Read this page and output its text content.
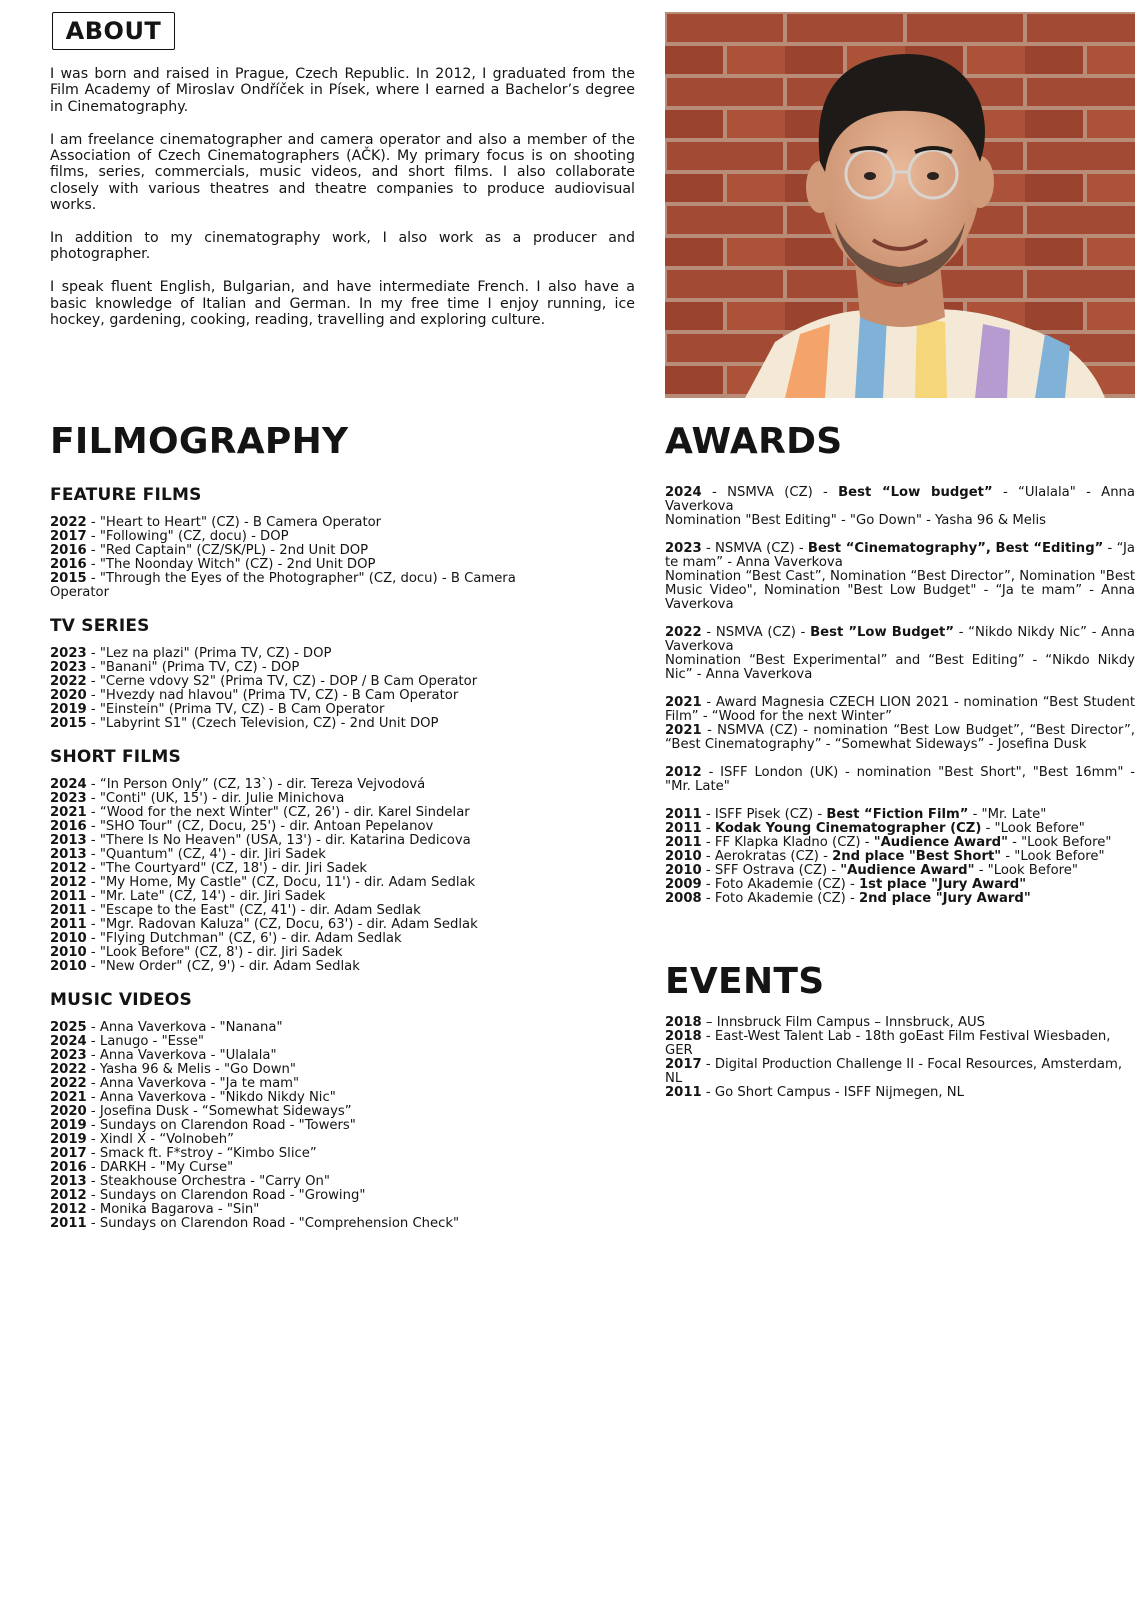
ABOUT

I was born and raised in Prague, Czech Republic. In 2012, I graduated from the Film Academy of Miroslav Ondříček in Písek, where I earned a Bachelor’s degree in Cinematography.

I am freelance cinematographer and camera operator and also a member of the Association of Czech Cinematographers (AČK). My primary focus is on shooting films, series, commercials, music videos, and short films. I also collaborate closely with various theatres and theatre companies to produce audiovisual works.

In addition to my cinematography work, I also work as a producer and photographer.

I speak fluent English, Bulgarian, and have intermediate French. I also have a basic knowledge of Italian and German. In my free time I enjoy running, ice hockey, gardening, cooking, reading, travelling and exploring culture.

FILMOGRAPHY
FEATURE FILMS
2022 - "Heart to Heart" (CZ) - B Camera Operator
2017 - "Following" (CZ, docu) - DOP
2016 - "Red Captain" (CZ/SK/PL) - 2nd Unit DOP
2016 - "The Noonday Witch" (CZ) - 2nd Unit DOP
2015 - "Through the Eyes of the Photographer" (CZ, docu) - B Camera Operator
TV SERIES
2023 - "Lez na plazi" (Prima TV, CZ) - DOP
2023 - "Banani" (Prima TV, CZ) - DOP
2022 - "Cerne vdovy S2" (Prima TV, CZ) - DOP / B Cam Operator
2020 - "Hvezdy nad hlavou" (Prima TV, CZ) - B Cam Operator
2019 - "Einstein" (Prima TV, CZ) - B Cam Operator
2015 - "Labyrint S1" (Czech Television, CZ) - 2nd Unit DOP
SHORT FILMS
2024 - “In Person Only” (CZ, 13`) - dir. Tereza Vejvodová
2023 - "Conti" (UK, 15') - dir. Julie Minichova
2021 - “Wood for the next Winter" (CZ, 26') - dir. Karel Sindelar
2016 - "SHO Tour" (CZ, Docu, 25') - dir. Antoan Pepelanov
2013 - "There Is No Heaven" (USA, 13') - dir. Katarina Dedicova
2013 - "Quantum" (CZ, 4') - dir. Jiri Sadek
2012 - "The Courtyard" (CZ, 18') - dir. Jiri Sadek
2012 - "My Home, My Castle" (CZ, Docu, 11') - dir. Adam Sedlak
2011 - "Mr. Late" (CZ, 14') - dir. Jiri Sadek
2011 - "Escape to the East" (CZ, 41') - dir. Adam Sedlak
2011 - "Mgr. Radovan Kaluza" (CZ, Docu, 63') - dir. Adam Sedlak
2010 - "Flying Dutchman" (CZ, 6') - dir. Adam Sedlak
2010 - "Look Before" (CZ, 8') - dir. Jiri Sadek
2010 - "New Order" (CZ, 9') - dir. Adam Sedlak
MUSIC VIDEOS
2025 - Anna Vaverkova - "Nanana"
2024 - Lanugo - "Esse"
2023 - Anna Vaverkova - "Ulalala"
2022 - Yasha 96 & Melis - "Go Down"
2022 - Anna Vaverkova - "Ja te mam"
2021 - Anna Vaverkova - "Nikdo Nikdy Nic"
2020 - Josefina Dusk - “Somewhat Sideways”
2019 - Sundays on Clarendon Road - "Towers"
2019 - Xindl X - “Volnobeh”
2017 - Smack ft. F*stroy - “Kimbo Slice”
2016 - DARKH - "My Curse"
2013 - Steakhouse Orchestra - "Carry On"
2012 - Sundays on Clarendon Road - "Growing"
2012 - Monika Bagarova - "Sin"
2011 - Sundays on Clarendon Road - "Comprehension Check"
AWARDS
2024 - NSMVA (CZ) - Best “Low budget” - “Ulalala" - Anna Vaverkova
Nomination "Best Editing" - "Go Down" - Yasha 96 & Melis
2023 - NSMVA (CZ) - Best “Cinematography”, Best “Editing” - “Ja te mam” - Anna Vaverkova
Nomination “Best Cast”, Nomination “Best Director”, Nomination "Best Music Video", Nomination "Best Low Budget" - “Ja te mam” - Anna Vaverkova
2022 - NSMVA (CZ) - Best ”Low Budget” - “Nikdo Nikdy Nic” - Anna Vaverkova
Nomination “Best Experimental” and “Best Editing” - “Nikdo Nikdy Nic” - Anna Vaverkova
2021 - Award Magnesia CZECH LION 2021 - nomination “Best Student Film” - “Wood for the next Winter”
2021 - NSMVA (CZ) - nomination “Best Low Budget”, “Best Director”, “Best Cinematography” - “Somewhat Sideways” - Josefina Dusk
2012 - ISFF London (UK) - nomination "Best Short", "Best 16mm" - "Mr. Late"
2011 - ISFF Pisek (CZ) - Best “Fiction Film” - "Mr. Late"
2011 - Kodak Young Cinematographer (CZ) - "Look Before"
2011 - FF Klapka Kladno (CZ) - "Audience Award" - "Look Before"
2010 - Aerokratas (CZ) - 2nd place "Best Short" - "Look Before"
2010 - SFF Ostrava (CZ) - "Audience Award" - "Look Before"
2009 - Foto Akademie (CZ) - 1st place "Jury Award"
2008 - Foto Akademie (CZ) - 2nd place "Jury Award"
EVENTS
2018 – Innsbruck Film Campus – Innsbruck, AUS
2018 - East-West Talent Lab - 18th goEast Film Festival Wiesbaden, GER
2017 - Digital Production Challenge II - Focal Resources, Amsterdam, NL
2011 - Go Short Campus - ISFF Nijmegen, NL
